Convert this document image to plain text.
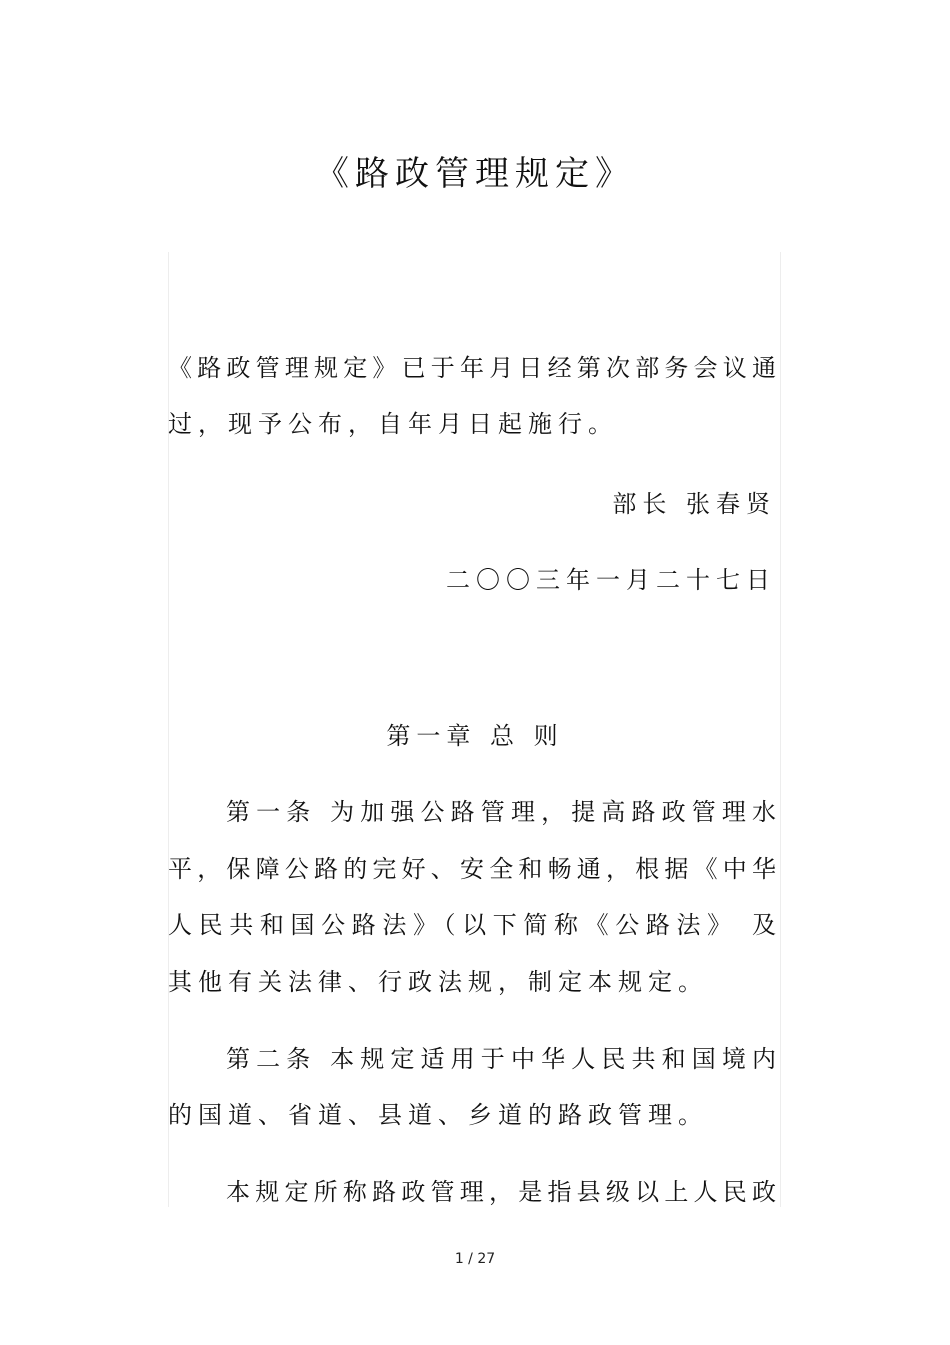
《路政管理规定》
《路政管理规定》已于年月日经第次部务会议通
过，现予公布，自年月日起施行。
部长 张春贤
二〇〇三年一月二十七日
第一章 总 则
第一条 为加强公路管理，提高路政管理水
平，保障公路的完好、安全和畅通，根据《中华
人民共和国公路法》（以下简称《公路法》 及
其他有关法律、行政法规，制定本规定。
第二条 本规定适用于中华人民共和国境内
的国道、省道、县道、乡道的路政管理。
本规定所称路政管理，是指县级以上人民政
1 / 27
